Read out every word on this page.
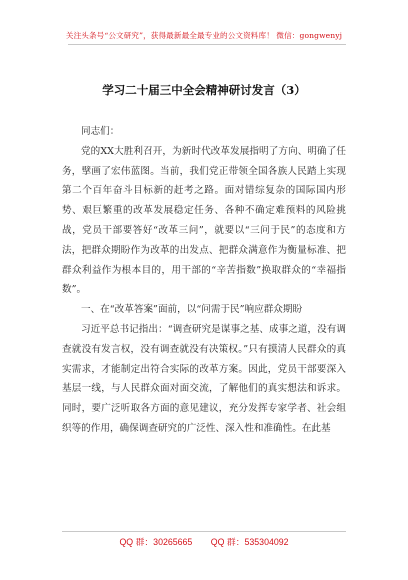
关注头条号“公文研究”，获得最新最全最专业的公文资料库！ 微信：gongwenyj
学习二十届三中全会精神研讨发言（3）
同志们：

党的XX大胜利召开，为新时代改革发展指明了方向、明确了任务，擘画了宏伟蓝图。当前，我们党正带领全国各族人民踏上实现第二个百年奋斗目标新的赶考之路。面对错综复杂的国际国内形势、艰巨繁重的改革发展稳定任务、各种不确定难预料的风险挑战，党员干部要答好“改革三问”，就要以“三问于民”的态度和方法，把群众期盼作为改革的出发点、把群众满意作为衡量标准、把群众利益作为根本目的，用干部的“辛苦指数”换取群众的“幸福指数”。

一、在“改革答案”面前，以“问需于民”响应群众期盼

习近平总书记指出：“调查研究是谋事之基、成事之道，没有调查就没有发言权，没有调查就没有决策权。”只有摸清人民群众的真实需求，才能制定出符合实际的改革方案。因此，党员干部要深入基层一线，与人民群众面对面交流，了解他们的真实想法和诉求。同时，要广泛听取各方面的意见建议，充分发挥专家学者、社会组织等的作用，确保调查研究的广泛性、深入性和准确性。在此基

QQ 群：30265665 QQ 群：535304092
